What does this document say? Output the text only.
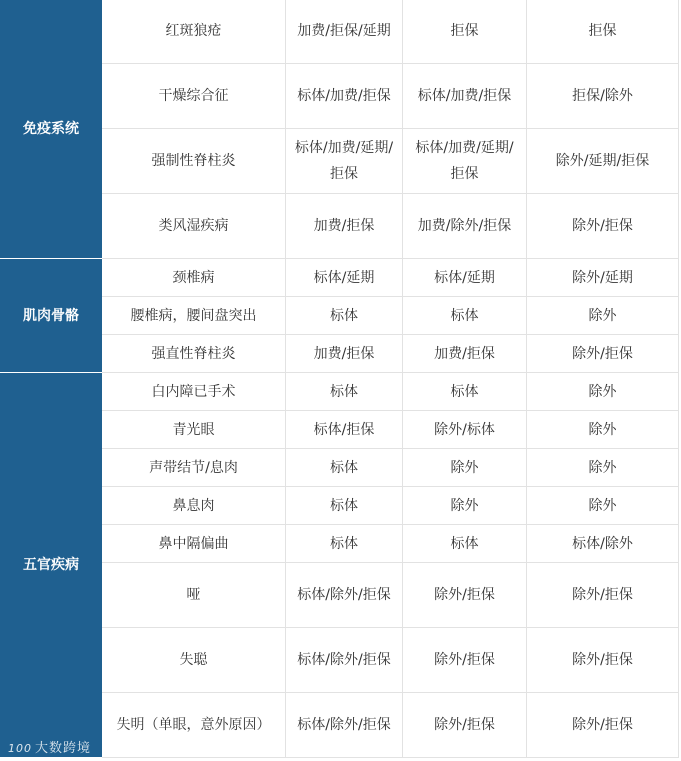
免疫系统	红斑狼疮	加费/拒保/延期	拒保	拒保
	干燥综合征	标体/加费/拒保	标体/加费/拒保	拒保/除外
	强制性脊柱炎	标体/加费/延期/拒保	标体/加费/延期/拒保	除外/延期/拒保
	类风湿疾病	加费/拒保	加费/除外/拒保	除外/拒保
肌肉骨骼	颈椎病	标体/延期	标体/延期	除外/延期
	腰椎病，腰间盘突出	标体	标体	除外
	强直性脊柱炎	加费/拒保	加费/拒保	除外/拒保
五官疾病	白内障已手术	标体	标体	除外
	青光眼	标体/拒保	除外/标体	除外
	声带结节/息肉	标体	除外	除外
	鼻息肉	标体	除外	除外
	鼻中隔偏曲	标体	标体	标体/除外
	哑	标体/除外/拒保	除外/拒保	除外/拒保
	失聪	标体/除外/拒保	除外/拒保	除外/拒保
	失明（单眼，意外原因）	标体/除外/拒保	除外/拒保	除外/拒保
100 大数跨境
